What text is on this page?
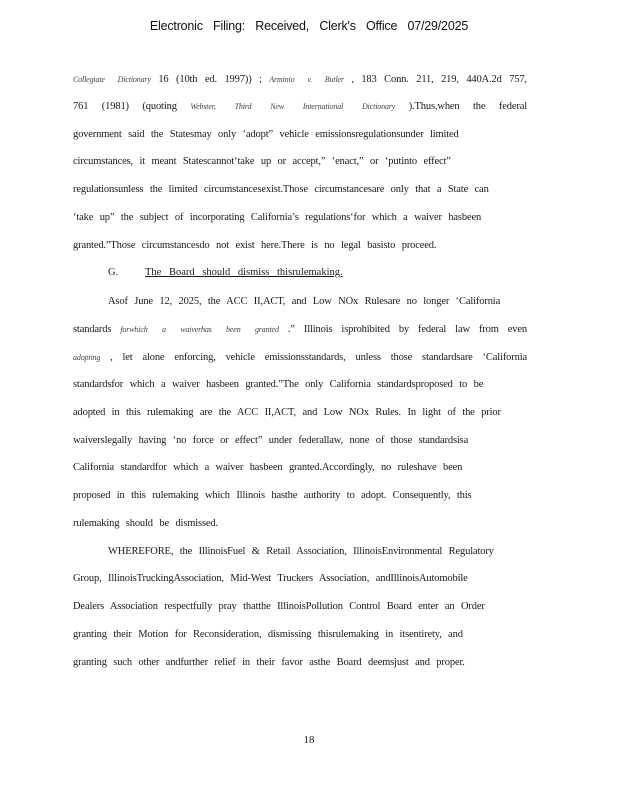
Electronic Filing: Received, Clerk's Office 07/29/2025
Collegiate Dictionary 16 (10th ed. 1997)) ; Arminio v. Butler , 183 Conn. 211, 219, 440A.2d 757,
761 (1981) (quoting Webster, Third New International Dictionary ).Thus,when the federal
government said the Statesmay only ‘adopt” vehicle emissionsregulationsunder limited
circumstances, it meant Statescannot‘take up or accept,” ‘enact,” or ‘putinto effect”
regulationsunless the limited circumstancesexist.Those circumstancesare only that a State can
‘take up” the subject of incorporating California’s regulations‘for which a waiver hasbeen
granted.”Those circumstancesdo not exist here.There is no legal basisto proceed.
Asof June 12, 2025, the ACC II,ACT, and Low NOx Rulesare no longer ‘California
standards forwhich a waiverhas been granted .” Illinois isprohibited by federal law from even
adopting , let alone enforcing, vehicle emissionsstandards, unless those standardsare ‘California
standardsfor which a waiver hasbeen granted.”The only California standardsproposed to be
adopted in this rulemaking are the ACC II,ACT, and Low NOx Rules. In light of the prior
waiverslegally having ‘no force or effect” under federallaw, none of those standardsisa
California standardfor which a waiver hasbeen granted.Accordingly, no ruleshave been
proposed in this rulemaking which Illinois hasthe authority to adopt. Consequently, this
rulemaking should be dismissed.
WHEREFORE, the IllinoisFuel & Retail Association, IllinoisEnvironmental Regulatory
Group, IllinoisTruckingAssociation, Mid-West Truckers Association, andIllinoisAutomobile
Dealers Association respectfully pray thatthe IllinoisPollution Control Board enter an Order
granting their Motion for Reconsideration, dismissing thisrulemaking in itsentirety, and
granting such other andfurther relief in their favor asthe Board deemsjust and proper.
G.	The Board should dismiss thisrulemaking.
18
